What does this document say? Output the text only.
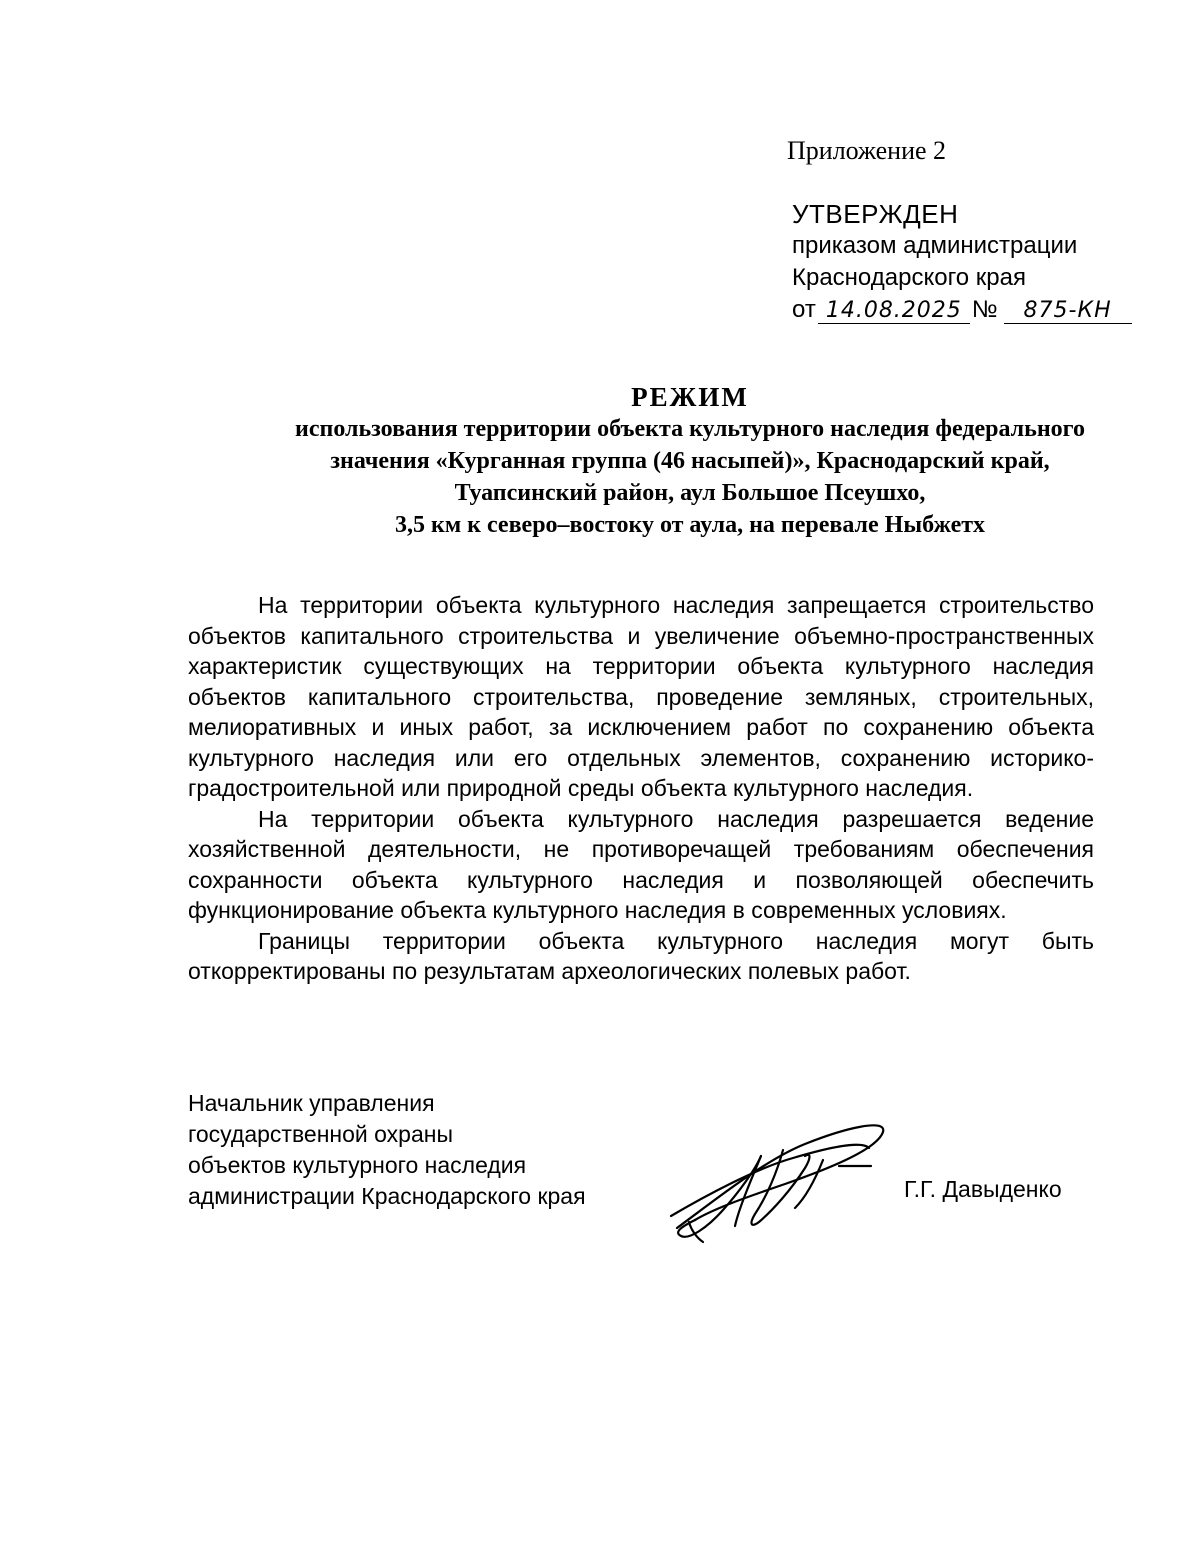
Приложение 2
УТВЕРЖДЕН
приказом администрации
Краснодарского края
от 14.08.2025 № 875-КН
РЕЖИМ
использования территории объекта культурного наследия федерального
значения «Курганная группа (46 насыпей)», Краснодарский край,
Туапсинский район, аул Большое Псеушхо,
3,5 км к северо–востоку от аула, на перевале Ныбжетх

На территории объекта культурного наследия запрещается строительство объектов капитального строительства и увеличение объемно-пространственных характеристик существующих на территории объекта культурного наследия объектов капитального строительства, проведение земляных, строительных, мелиоративных и иных работ, за исключением работ по сохранению объекта культурного наследия или его отдельных элементов, сохранению историко-градостроительной или природной среды объекта культурного наследия.

На территории объекта культурного наследия разрешается ведение хозяйственной деятельности, не противоречащей требованиям обеспечения сохранности объекта культурного наследия и позволяющей обеспечить функционирование объекта культурного наследия в современных условиях.

Границы территории объекта культурного наследия могут быть откорректированы по результатам археологических полевых работ.

Начальник управления
государственной охраны
объектов культурного наследия
администрации Краснодарского края	Г.Г. Давыденко
